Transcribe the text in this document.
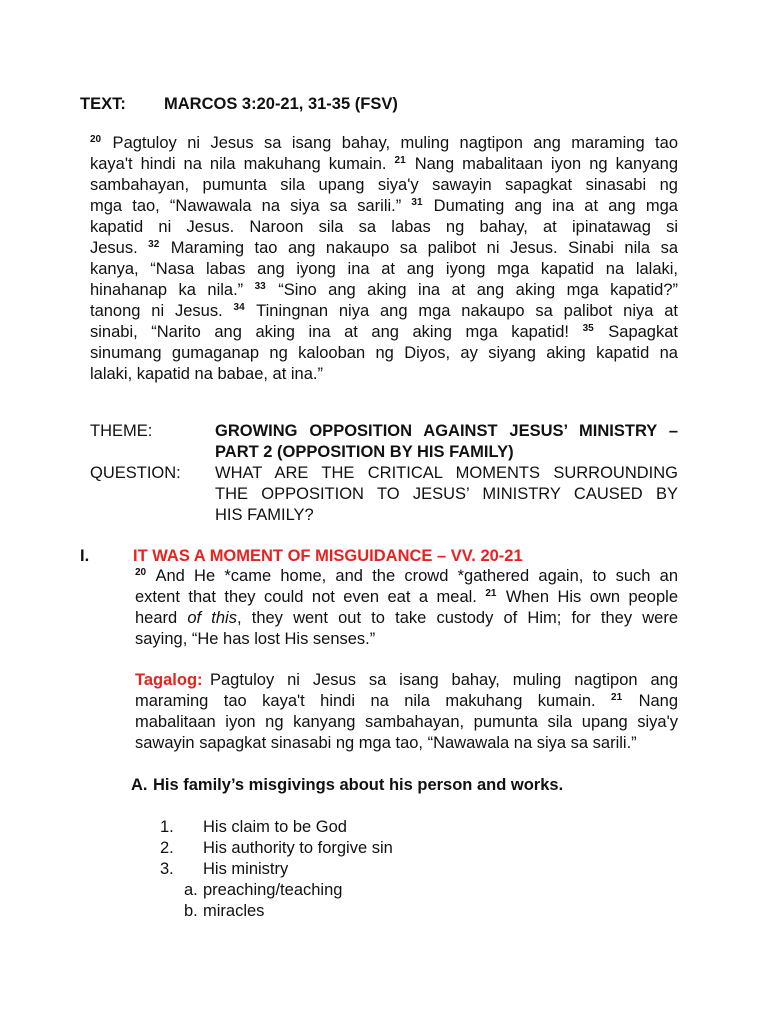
TEXT: MARCOS 3:20-21, 31-35 (FSV)
$^{20}$ Pagtuloy ni Jesus sa isang bahay, muling nagtipon ang maraming tao
kaya't hindi na nila makuhang kumain. $^{21}$ Nang mabalitaan iyon ng kanyang
sambahayan, pumunta sila upang siya'y sawayin sapagkat sinasabi ng
mga tao, “Nawawala na siya sa sarili.” $^{31}$ Dumating ang ina at ang mga
kapatid ni Jesus. Naroon sila sa labas ng bahay, at ipinatawag si
Jesus. $^{32}$ Maraming tao ang nakaupo sa palibot ni Jesus. Sinabi nila sa
kanya, “Nasa labas ang iyong ina at ang iyong mga kapatid na lalaki,
hinahanap ka nila.” $^{33}$ “Sino ang aking ina at ang aking mga kapatid?”
tanong ni Jesus. $^{34}$ Tiningnan niya ang mga nakaupo sa palibot niya at
sinabi, “Narito ang aking ina at ang aking mga kapatid! $^{35}$ Sapagkat
sinumang gumaganap ng kalooban ng Diyos, ay siyang aking kapatid na
lalaki, kapatid na babae, at ina.”
THEME:	GROWING OPPOSITION AGAINST JESUS’ MINISTRY –
PART 2 (OPPOSITION BY HIS FAMILY)
QUESTION: WHAT ARE THE CRITICAL MOMENTS SURROUNDING
THE OPPOSITION TO JESUS’ MINISTRY CAUSED BY
HIS FAMILY?
I.	IT WAS A MOMENT OF MISGUIDANCE – VV. 20-21
$^{20}$ And He *came home, and the crowd *gathered again, to such an
extent that they could not even eat a meal. $^{21}$ When His own people
heard of this, they went out to take custody of Him; for they were
saying, “He has lost His senses.”
Tagalog: Pagtuloy ni Jesus sa isang bahay, muling nagtipon ang
maraming tao kaya't hindi na nila makuhang kumain. $^{21}$ Nang
mabalitaan iyon ng kanyang sambahayan, pumunta sila upang siya'y
sawayin sapagkat sinasabi ng mga tao, “Nawawala na siya sa sarili.”
A. His family’s misgivings about his person and works.
1.	His claim to be God
2.	His authority to forgive sin
3.	His ministry
a. preaching/teaching
b. miracles
